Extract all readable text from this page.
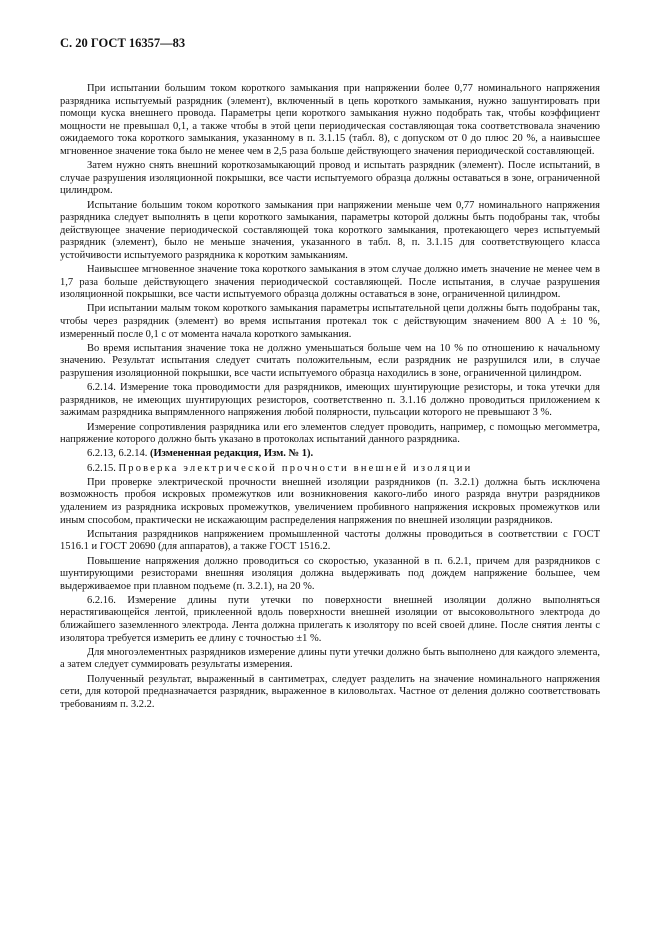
С. 20 ГОСТ 16357—83

При испытании большим током короткого замыкания при напряжении более 0,77 номинального напряжения разрядника испытуемый разрядник (элемент), включенный в цепь короткого замыкания, нужно зашунтировать при помощи куска внешнего провода. Параметры цепи короткого замыкания нужно подобрать так, чтобы коэффициент мощности не превышал 0,1, а также чтобы в этой цепи периодическая составляющая тока соответствовала значению ожидаемого тока короткого замыкания, указанному в п. 3.1.15 (табл. 8), с допуском от 0 до плюс 20 %, а наивысшее мгновенное значение тока было не менее чем в 2,5 раза больше действующего значения периодической составляющей.

Затем нужно снять внешний короткозамыкающий провод и испытать разрядник (элемент). После испытаний, в случае разрушения изоляционной покрышки, все части испытуемого образца должны оставаться в зоне, ограниченной цилиндром.

Испытание большим током короткого замыкания при напряжении меньше чем 0,77 номинального напряжения разрядника следует выполнять в цепи короткого замыкания, параметры которой должны быть подобраны так, чтобы действующее значение периодической составляющей тока короткого замыкания, протекающего через испытуемый разрядник (элемент), было не меньше значения, указанного в табл. 8, п. 3.1.15 для соответствующего класса устойчивости испытуемого разрядника к коротким замыканиям.

Наивысшее мгновенное значение тока короткого замыкания в этом случае должно иметь значение не менее чем в 1,7 раза больше действующего значения периодической составляющей. После испытания, в случае разрушения изоляционной покрышки, все части испытуемого образца должны оставаться в зоне, ограниченной цилиндром.

При испытании малым током короткого замыкания параметры испытательной цепи должны быть подобраны так, чтобы через разрядник (элемент) во время испытания протекал ток с действующим значением 800 А ± 10 %, измеренный после 0,1 с от момента начала короткого замыкания.

Во время испытания значение тока не должно уменьшаться больше чем на 10 % по отношению к начальному значению. Результат испытания следует считать положительным, если разрядник не разрушился или, в случае разрушения изоляционной покрышки, все части испытуемого образца находились в зоне, ограниченной цилиндром.

6.2.14. Измерение тока проводимости для разрядников, имеющих шунтирующие резисторы, и тока утечки для разрядников, не имеющих шунтирующих резисторов, соответственно п. 3.1.16 должно проводиться приложением к зажимам разрядника выпрямленного напряжения любой полярности, пульсации которого не превышают 3 %.

Измерение сопротивления разрядника или его элементов следует проводить, например, с помощью мегомметра, напряжение которого должно быть указано в протоколах испытаний данного разрядника.

6.2.13, 6.2.14. (Измененная редакция, Изм. № 1).

6.2.15. Проверка электрической прочности внешней изоляции

При проверке электрической прочности внешней изоляции разрядников (п. 3.2.1) должна быть исключена возможность пробоя искровых промежутков или возникновения какого-либо иного разряда внутри разрядников удалением из разрядника искровых промежутков, увеличением пробивного напряжения искровых промежутков или иным способом, практически не искажающим распределения напряжения по внешней изоляции разрядников.

Испытания разрядников напряжением промышленной частоты должны проводиться в соответствии с ГОСТ 1516.1 и ГОСТ 20690 (для аппаратов), а также ГОСТ 1516.2.

Повышение напряжения должно проводиться со скоростью, указанной в п. 6.2.1, причем для разрядников с шунтирующими резисторами внешняя изоляция должна выдерживать под дождем напряжение большее, чем выдерживаемое при плавном подъеме (п. 3.2.1), на 20 %.

6.2.16. Измерение длины пути утечки по поверхности внешней изоляции должно выполняться нерастягивающейся лентой, приклеенной вдоль поверхности внешней изоляции от высоковольтного электрода до ближайшего заземленного электрода. Лента должна прилегать к изолятору по всей своей длине. После снятия ленты с изолятора требуется измерить ее длину с точностью ±1 %.

Для многоэлементных разрядников измерение длины пути утечки должно быть выполнено для каждого элемента, а затем следует суммировать результаты измерения.

Полученный результат, выраженный в сантиметрах, следует разделить на значение номинального напряжения сети, для которой предназначается разрядник, выраженное в киловольтах. Частное от деления должно соответствовать требованиям п. 3.2.2.
